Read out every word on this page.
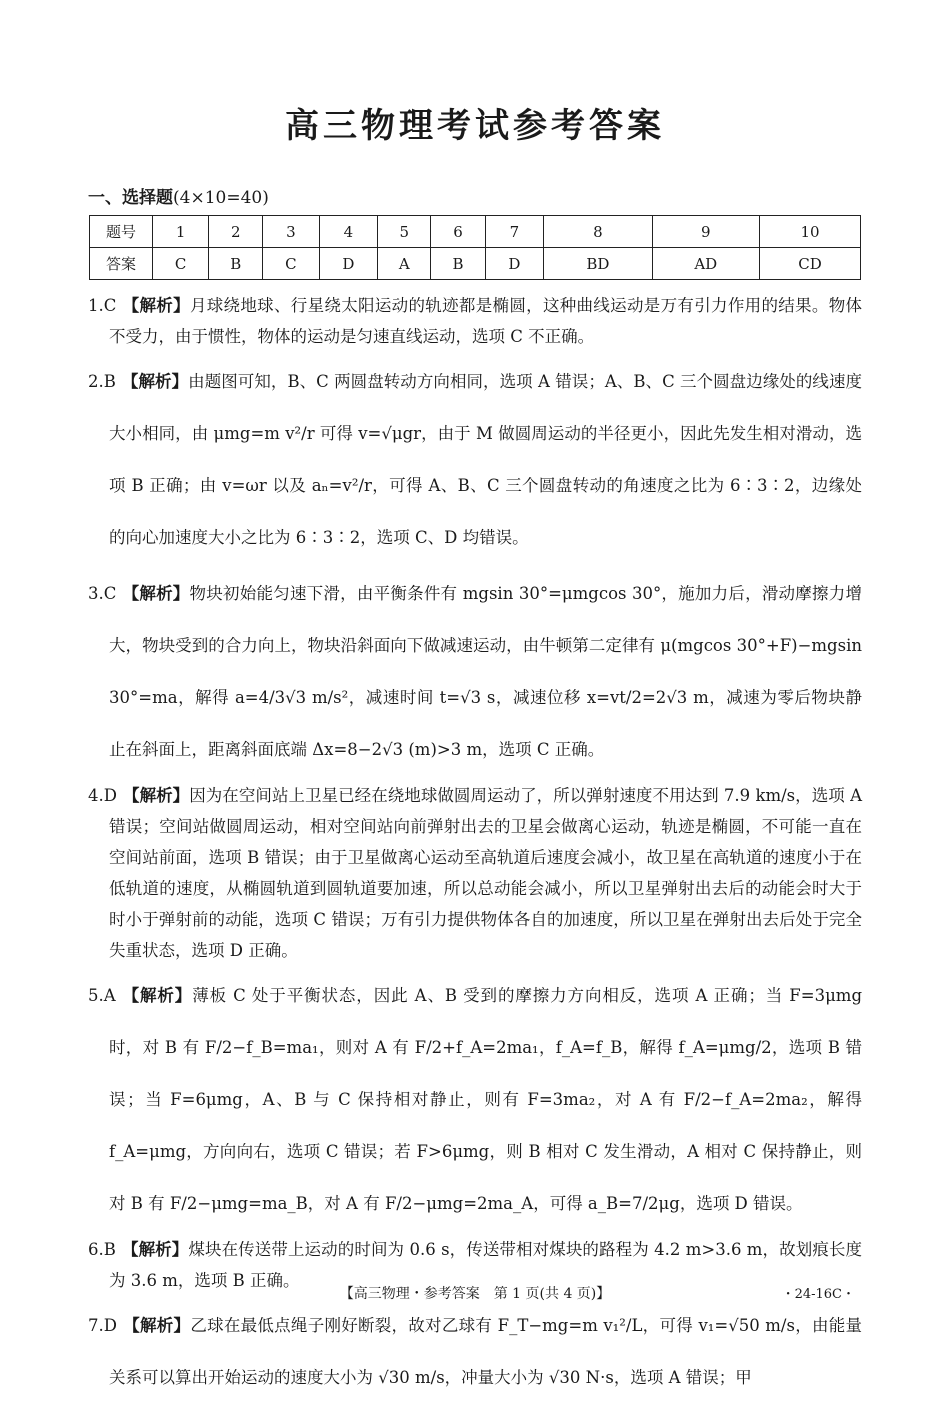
高三物理考试参考答案
一、选择题(4×10=40)
题号	1	2	3	4	5	6	7	8	9	10
答案	C	B	C	D	A	B	D	BD	AD	CD

1.C 【解析】月球绕地球、行星绕太阳运动的轨迹都是椭圆，这种曲线运动是万有引力作用的结果。物体不受力，由于惯性，物体的运动是匀速直线运动，选项 C 不正确。

2.B 【解析】由题图可知，B、C 两圆盘转动方向相同，选项 A 错误；A、B、C 三个圆盘边缘处的线速度大小相同，由 μmg=m v²/r 可得 v=√μgr，由于 M 做圆周运动的半径更小，因此先发生相对滑动，选项 B 正确；由 v=ωr 以及 aₙ=v²/r，可得 A、B、C 三个圆盘转动的角速度之比为 6∶3∶2，边缘处的向心加速度大小之比为 6∶3∶2，选项 C、D 均错误。

3.C 【解析】物块初始能匀速下滑，由平衡条件有 mgsin 30°=μmgcos 30°，施加力后，滑动摩擦力增大，物块受到的合力向上，物块沿斜面向下做减速运动，由牛顿第二定律有 μ(mgcos 30°+F)−mgsin 30°=ma，解得 a=4/3√3 m/s²，减速时间 t=√3 s，减速位移 x=vt/2=2√3 m，减速为零后物块静止在斜面上，距离斜面底端 Δx=8−2√3 (m)>3 m，选项 C 正确。

4.D 【解析】因为在空间站上卫星已经在绕地球做圆周运动了，所以弹射速度不用达到 7.9 km/s，选项 A 错误；空间站做圆周运动，相对空间站向前弹射出去的卫星会做离心运动，轨迹是椭圆，不可能一直在空间站前面，选项 B 错误；由于卫星做离心运动至高轨道后速度会减小，故卫星在高轨道的速度小于在低轨道的速度，从椭圆轨道到圆轨道要加速，所以总动能会减小，所以卫星弹射出去后的动能会时大于时小于弹射前的动能，选项 C 错误；万有引力提供物体各自的加速度，所以卫星在弹射出去后处于完全失重状态，选项 D 正确。

5.A 【解析】薄板 C 处于平衡状态，因此 A、B 受到的摩擦力方向相反，选项 A 正确；当 F=3μmg 时，对 B 有 F/2−f_B=ma₁，则对 A 有 F/2+f_A=2ma₁，f_A=f_B，解得 f_A=μmg/2，选项 B 错误；当 F=6μmg，A、B 与 C 保持相对静止，则有 F=3ma₂，对 A 有 F/2−f_A=2ma₂，解得 f_A=μmg，方向向右，选项 C 错误；若 F>6μmg，则 B 相对 C 发生滑动，A 相对 C 保持静止，则对 B 有 F/2−μmg=ma_B，对 A 有 F/2−μmg=2ma_A，可得 a_B=7/2μg，选项 D 错误。

6.B 【解析】煤块在传送带上运动的时间为 0.6 s，传送带相对煤块的路程为 4.2 m>3.6 m，故划痕长度为 3.6 m，选项 B 正确。

7.D 【解析】乙球在最低点绳子刚好断裂，故对乙球有 F_T−mg=m v₁²/L，可得 v₁=√50 m/s，由能量关系可以算出开始运动的速度大小为 √30 m/s，冲量大小为 √30 N·s，选项 A 错误；甲

【高三物理・参考答案　第 1 页(共 4 页)】	・24-16C・
